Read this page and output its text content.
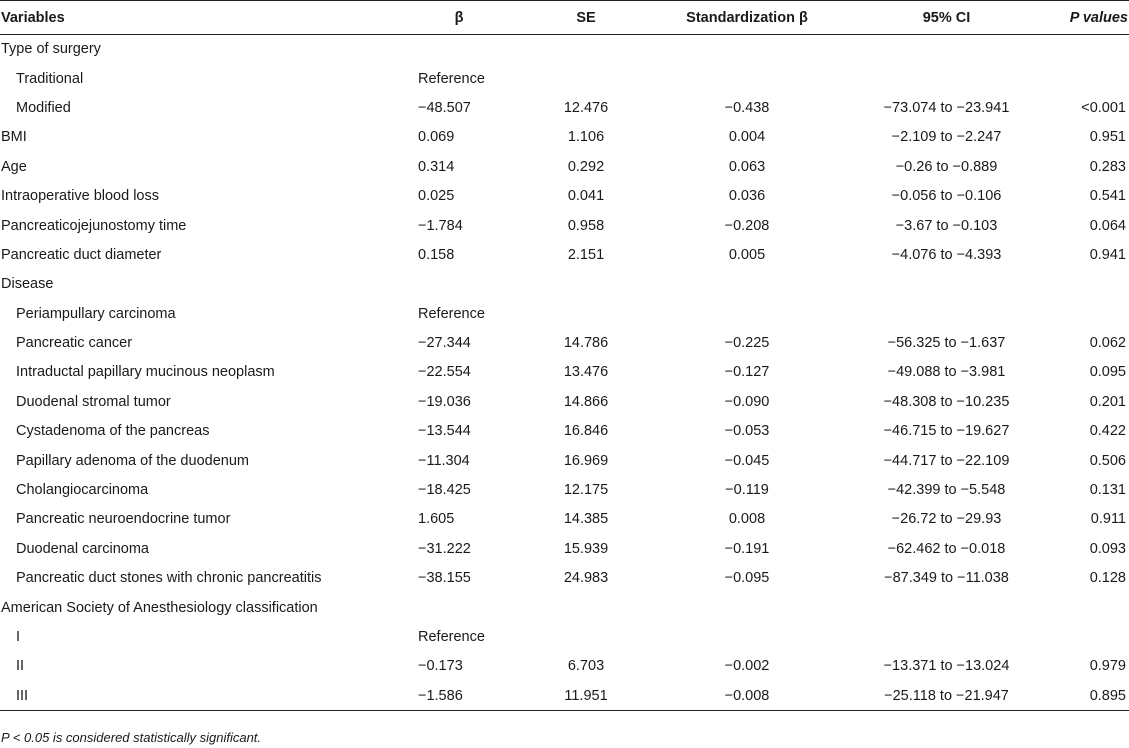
Variables	β	SE	Standardization β	95% CI	P values
Type of surgery					
Traditional	Reference				
Modified	−48.507	12.476	−0.438	−73.074 to −23.941	<0.001
BMI	0.069	1.106	0.004	−2.109 to −2.247	0.951
Age	0.314	0.292	0.063	−0.26 to −0.889	0.283
Intraoperative blood loss	0.025	0.041	0.036	−0.056 to −0.106	0.541
Pancreaticojejunostomy time	−1.784	0.958	−0.208	−3.67 to −0.103	0.064
Pancreatic duct diameter	0.158	2.151	0.005	−4.076 to −4.393	0.941
Disease					
Periampullary carcinoma	Reference				
Pancreatic cancer	−27.344	14.786	−0.225	−56.325 to −1.637	0.062
Intraductal papillary mucinous neoplasm	−22.554	13.476	−0.127	−49.088 to −3.981	0.095
Duodenal stromal tumor	−19.036	14.866	−0.090	−48.308 to −10.235	0.201
Cystadenoma of the pancreas	−13.544	16.846	−0.053	−46.715 to −19.627	0.422
Papillary adenoma of the duodenum	−11.304	16.969	−0.045	−44.717 to −22.109	0.506
Cholangiocarcinoma	−18.425	12.175	−0.119	−42.399 to −5.548	0.131
Pancreatic neuroendocrine tumor	1.605	14.385	0.008	−26.72 to −29.93	0.911
Duodenal carcinoma	−31.222	15.939	−0.191	−62.462 to −0.018	0.093
Pancreatic duct stones with chronic pancreatitis	−38.155	24.983	−0.095	−87.349 to −11.038	0.128
American Society of Anesthesiology classification					
I	Reference				
II	−0.173	6.703	−0.002	−13.371 to −13.024	0.979
III	−1.586	11.951	−0.008	−25.118 to −21.947	0.895
P < 0.05 is considered statistically significant.
